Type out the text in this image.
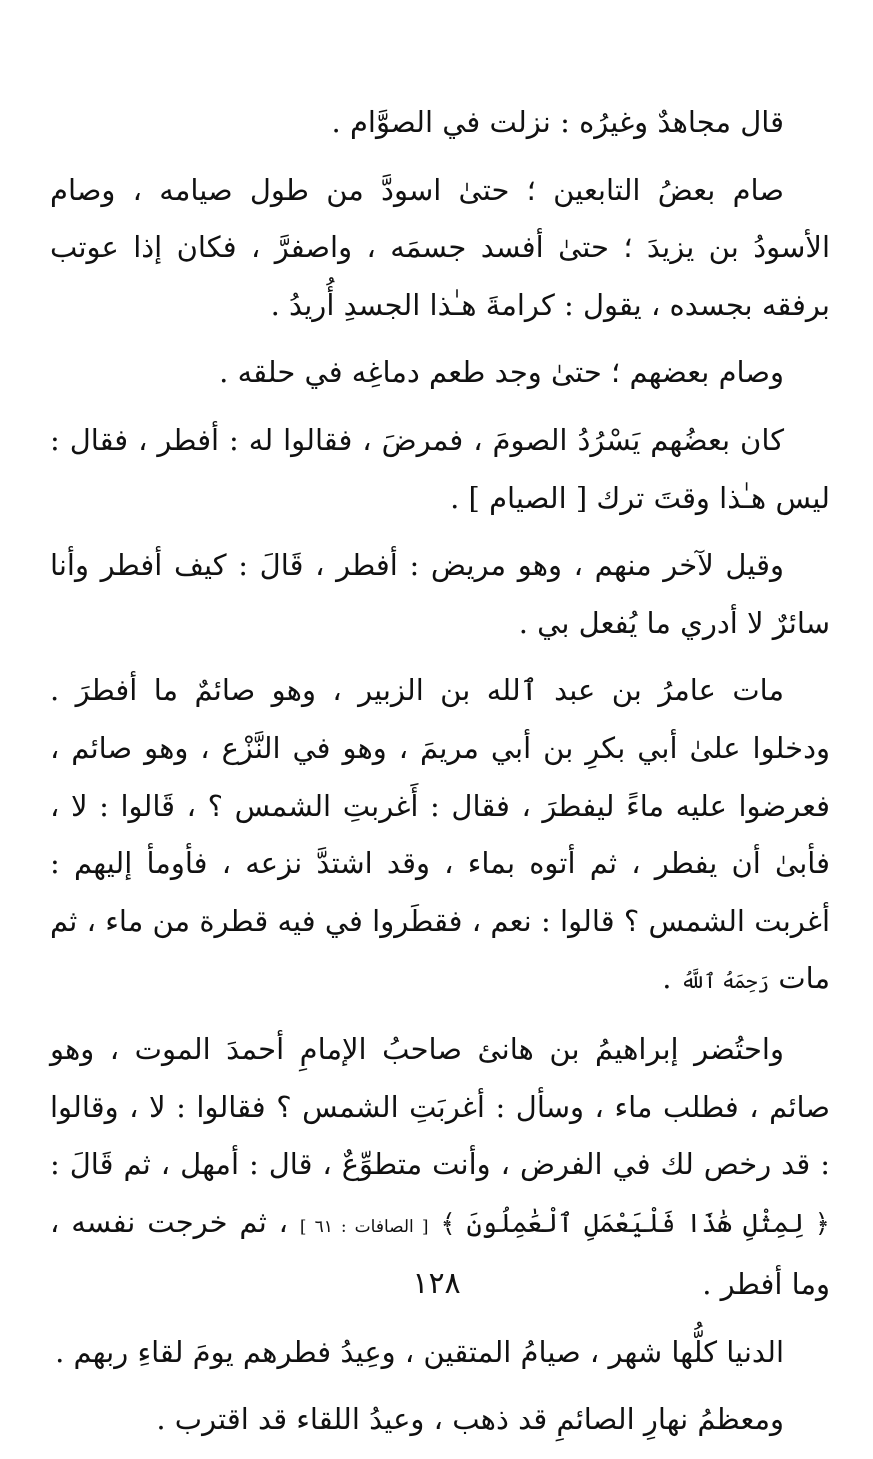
قال مجاهدٌ وغيرُه : نزلت في الصوَّام .

صام بعضُ التابعين ؛ حتىٰ اسودَّ من طول صيامه ، وصام الأسودُ بن يزيدَ ؛ حتىٰ أفسد جسمَه ، واصفرَّ ، فكان إذا عوتب برفقه بجسده ، يقول : كرامةَ هـٰذا الجسدِ أُريدُ .

وصام بعضهم ؛ حتىٰ وجد طعم دماغِه في حلقه .

كان بعضُهم يَسْرُدُ الصومَ ، فمرضَ ، فقالوا له : أفطر ، فقال : ليس هـٰذا وقتَ ترك [ الصيام ] .

وقيل لآخر منهم ، وهو مريض : أفطر ، قَالَ : كيف أفطر وأنا سائرٌ لا أدري ما يُفعل بي .

مات عامرُ بن عبد ٱلله بن الزبير ، وهو صائمٌ ما أفطرَ . ودخلوا علىٰ أبي بكرِ بن أبي مريمَ ، وهو في النَّزْع ، وهو صائم ، فعرضوا عليه ماءً ليفطرَ ، فقال : أَغربتِ الشمس ؟ ، قَالوا : لا ، فأبىٰ أن يفطر ، ثم أتوه بماء ، وقد اشتدَّ نزعه ، فأومأ إليهم : أغربت الشمس ؟ قالوا : نعم ، فقطَروا في فيه قطرة من ماء ، ثم مات رَحِمَهُ ٱللَّهُ .

واحتُضر إبراهيمُ بن هانئ صاحبُ الإمامِ أحمدَ الموت ، وهو صائم ، فطلب ماء ، وسأل : أغربَتِ الشمس ؟ فقالوا : لا ، وقالوا : قد رخص لك في الفرض ، وأنت متطوِّعٌ ، قال : أمهل ، ثم قَالَ : ﴿ لِمِثْلِ هَٰذَا فَلْيَعْمَلِ ٱلْعَٰمِلُونَ ﴾ [ الصافات : ٦١ ] ، ثم خرجت نفسه ، وما أفطر .

الدنيا كلُّها شهر ، صيامُ المتقين ، وعِيدُ فطرهم يومَ لقاءِ ربهم .

ومعظمُ نهارِ الصائمِ قد ذهب ، وعيدُ اللقاء قد اقترب .

١٢٨
